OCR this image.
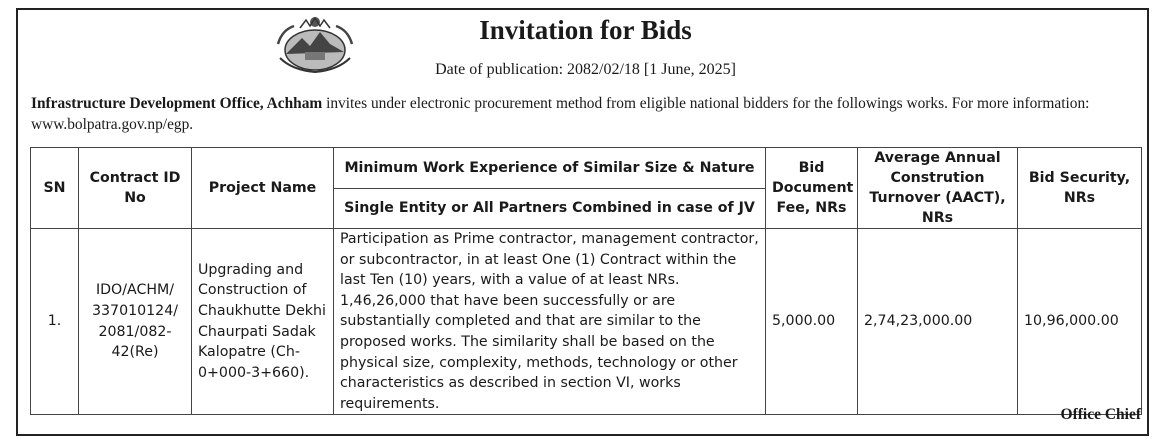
Invitation for Bids
Date of publication: 2082/02/18 [1 June, 2025]
Infrastructure Development Office, Achham invites under electronic procurement method from eligible national bidders for the followings works. For more information: www.bolpatra.gov.np/egp.
SN	Contract ID No	Project Name	Minimum Work Experience of Similar Size & Nature	Bid Document Fee, NRs	Average Annual Constrution Turnover (AACT), NRs	Bid Security, NRs
			Single Entity or All Partners Combined in case of JV			
1.	IDO/ACHM/ 337010124/ 2081/082-42(Re)	Upgrading and Construction of Chaukhutte Dekhi Chaurpati Sadak Kalopatre (Ch-0+000-3+660).	Participation as Prime contractor, management contractor, or subcontractor, in at least One (1) Contract within the last Ten (10) years, with a value of at least NRs. 1,46,26,000 that have been successfully or are substantially completed and that are similar to the proposed works. The similarity shall be based on the physical size, complexity, methods, technology or other characteristics as described in section VI, works requirements.	5,000.00	2,74,23,000.00	10,96,000.00
Office Chief
